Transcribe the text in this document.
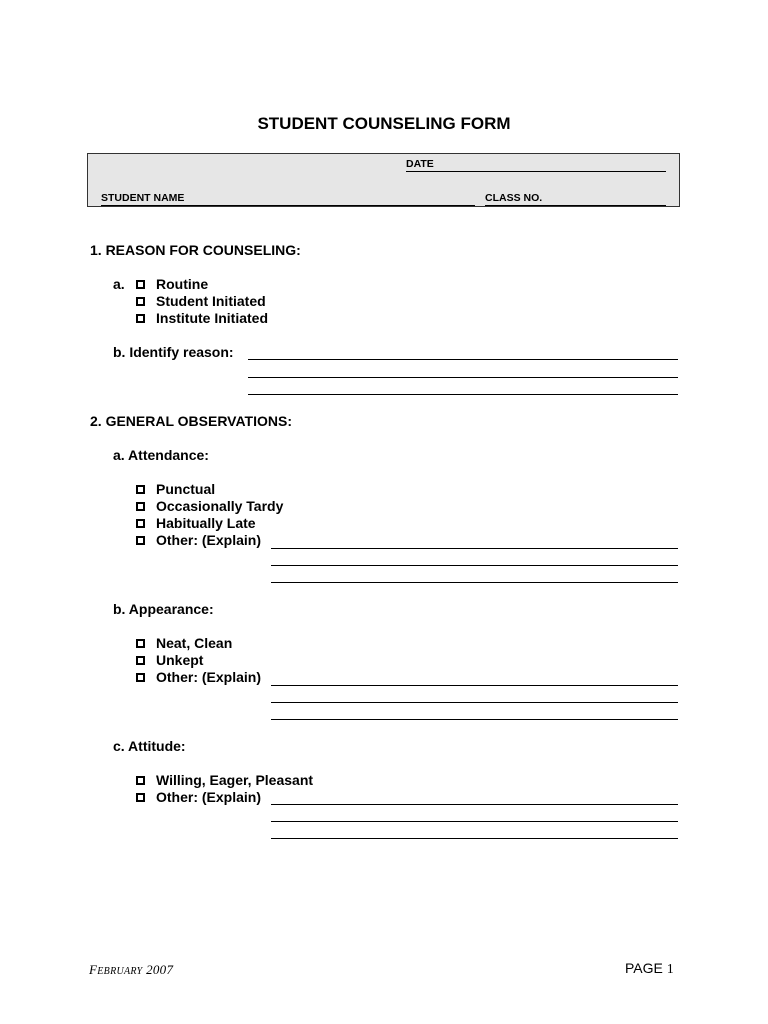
STUDENT COUNSELING FORM
DATE
STUDENT NAME	CLASS NO.
1. REASON FOR COUNSELING:
a. Routine
Student Initiated
Institute Initiated
b. Identify reason:
2. GENERAL OBSERVATIONS:
a. Attendance:
Punctual
Occasionally Tardy
Habitually Late
Other: (Explain)
b. Appearance:
Neat, Clean
Unkept
Other: (Explain)
c. Attitude:
Willing, Eager, Pleasant
Other: (Explain)
FEBRUARY 2007	PAGE 1
